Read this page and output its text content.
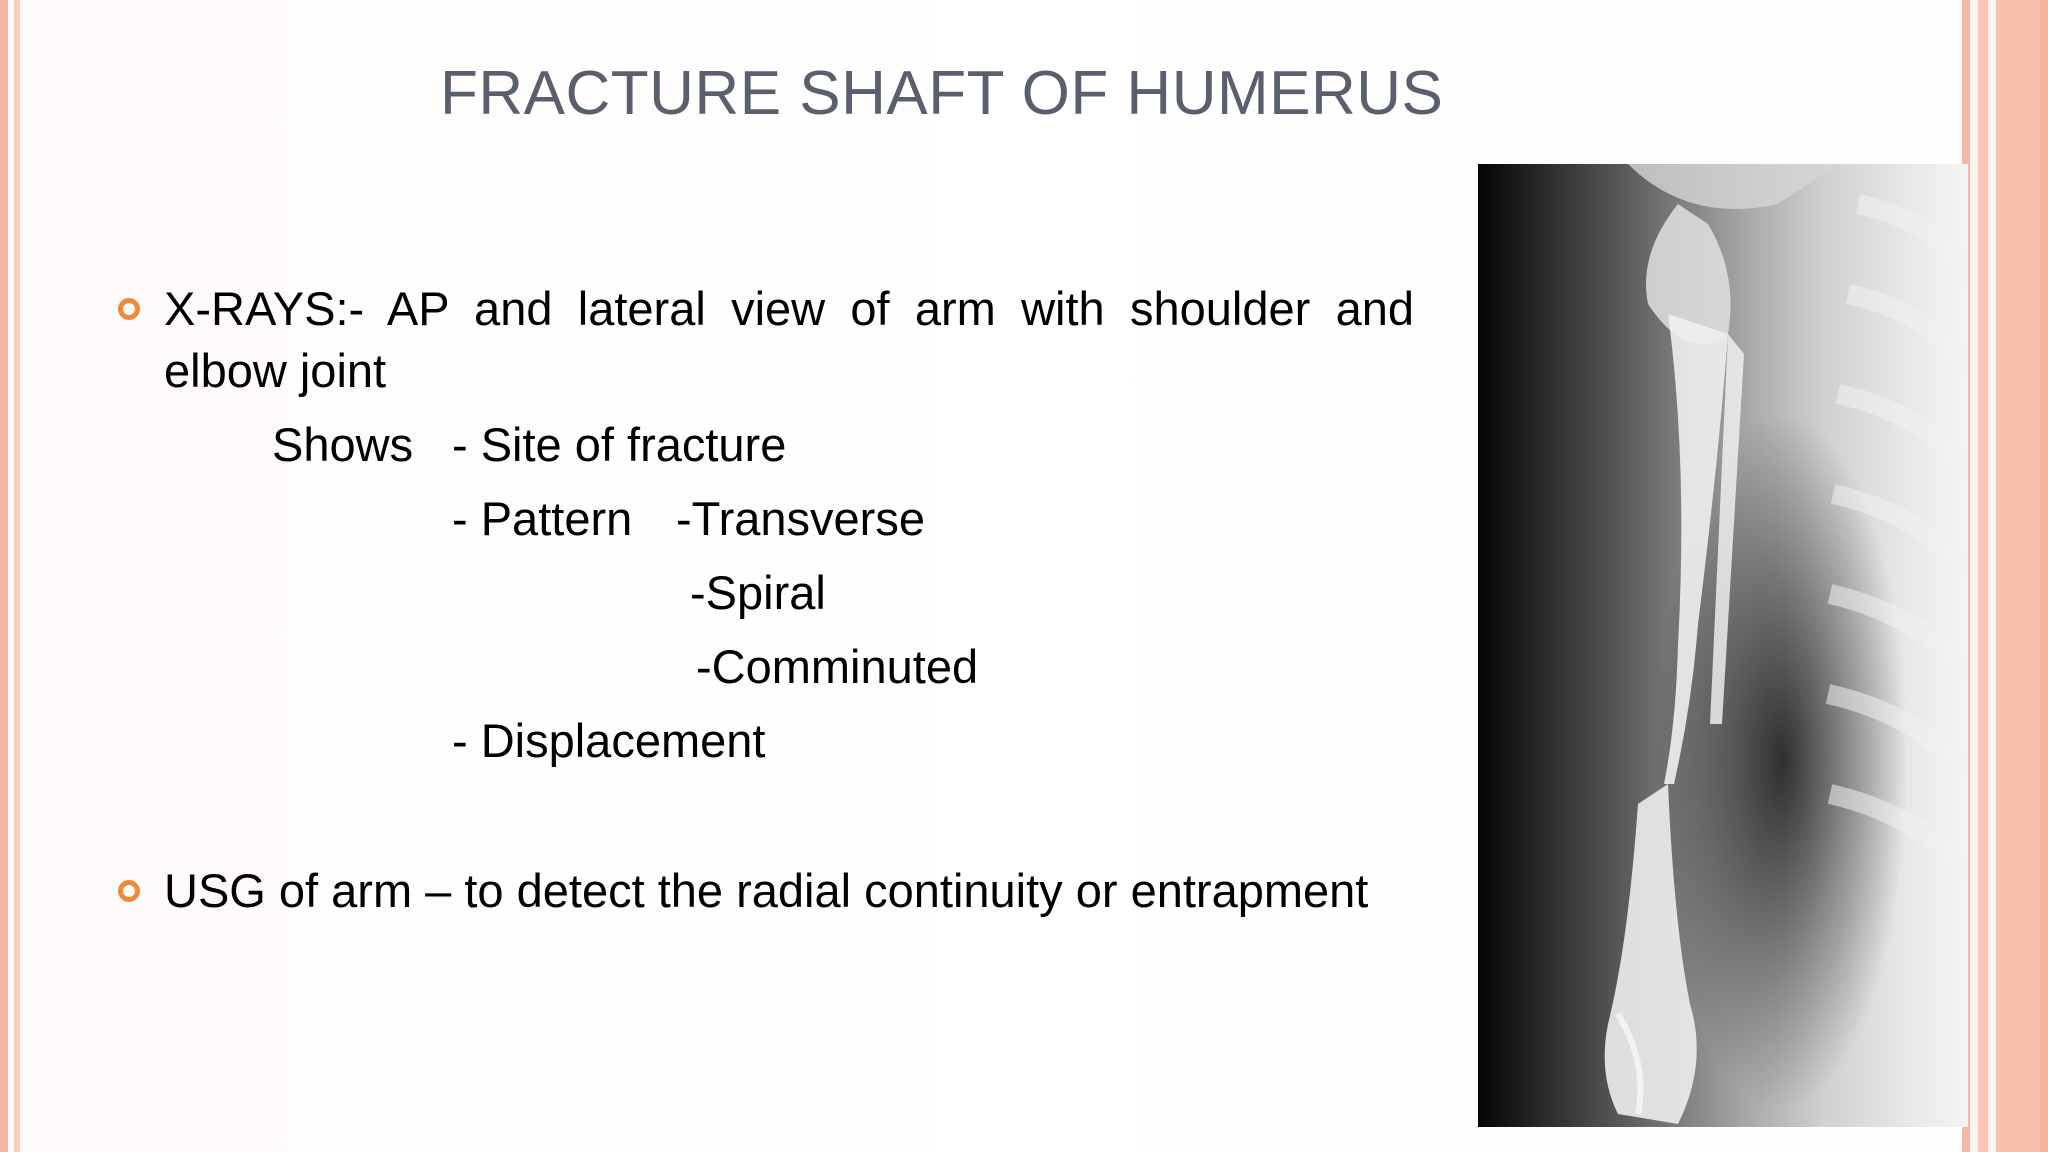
FRACTURE SHAFT OF HUMERUS
X-RAYS:- AP and lateral view of arm with shoulder and elbow joint
Shows - Site of fracture
- Pattern -Transverse
-Spiral
-Comminuted
- Displacement
USG of arm – to detect the radial continuity or entrapment
